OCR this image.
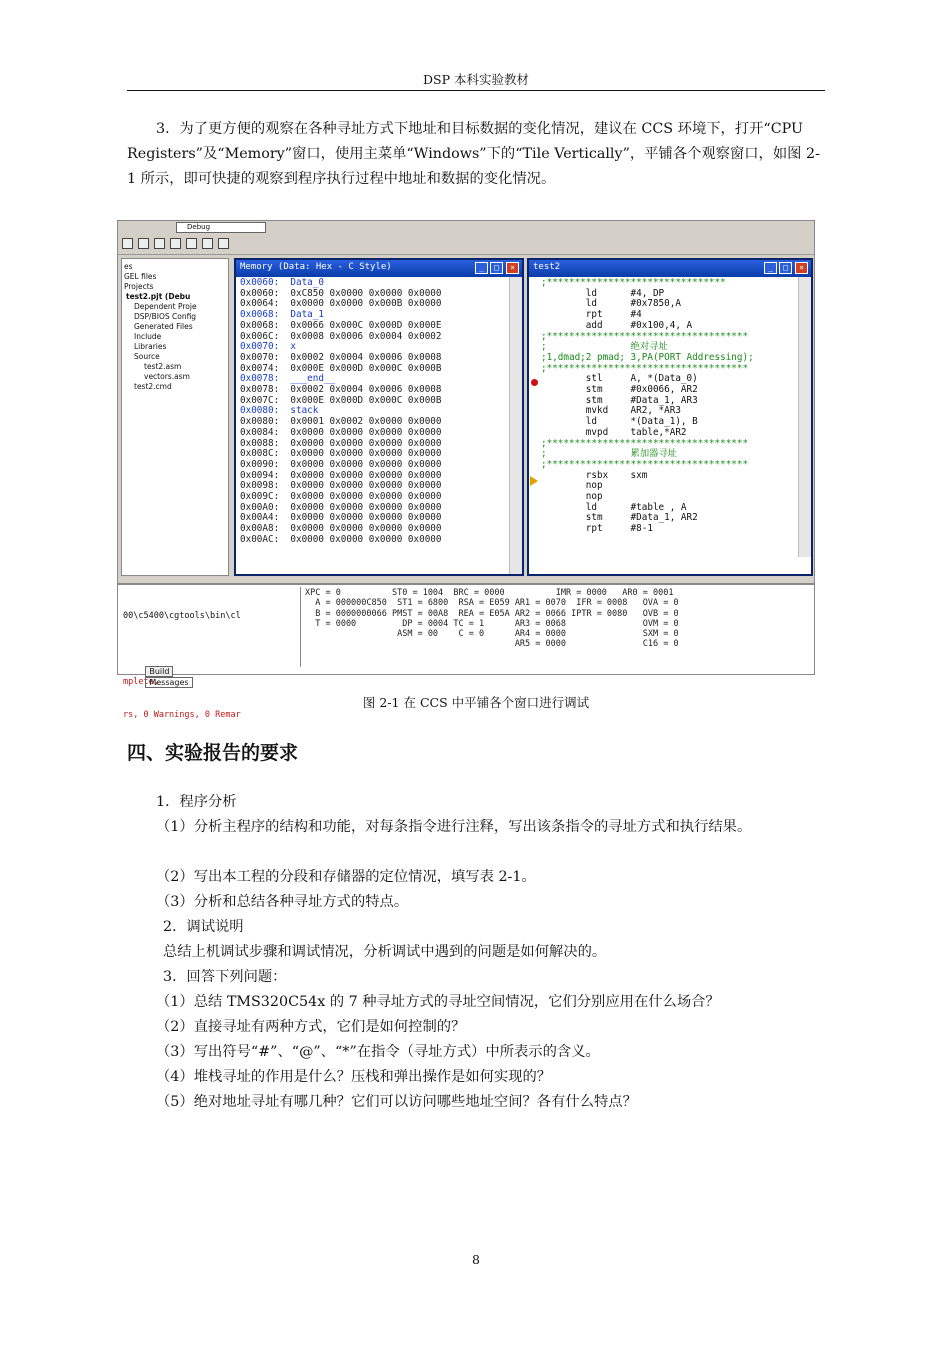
DSP 本科实验教材
3．为了更方便的观察在各种寻址方式下地址和目标数据的变化情况，建议在 CCS 环境下，打开“CPU Registers”及“Memory”窗口，使用主菜单“Windows”下的“Tile Vertically”，平铺各个观察窗口，如图 2-1 所示，即可快捷的观察到程序执行过程中地址和数据的变化情况。
Debug
es
GEL files
Projects
test2.pjt (Debu
Dependent Proje
DSP/BIOS Config
Generated Files
Include
Libraries
Source
test2.asm
vectors.asm
test2.cmd
Memory (Data: Hex - C Style)	_	□	×
0x0060:  Data_0
0x0060:  0xC850 0x0000 0x0000 0x0000
0x0064:  0x0000 0x0000 0x000B 0x0000
0x0068:  Data_1
0x0068:  0x0066 0x000C 0x000D 0x000E
0x006C:  0x0008 0x0006 0x0004 0x0002
0x0070:  x
0x0070:  0x0002 0x0004 0x0006 0x0008
0x0074:  0x000E 0x000D 0x000C 0x000B
0x0078:  ___end__
0x0078:  0x0002 0x0004 0x0006 0x0008
0x007C:  0x000E 0x000D 0x000C 0x000B
0x0080:  stack
0x0080:  0x0001 0x0002 0x0000 0x0000
0x0084:  0x0000 0x0000 0x0000 0x0000
0x0088:  0x0000 0x0000 0x0000 0x0000
0x008C:  0x0000 0x0000 0x0000 0x0000
0x0090:  0x0000 0x0000 0x0000 0x0000
0x0094:  0x0000 0x0000 0x0000 0x0000
0x0098:  0x0000 0x0000 0x0000 0x0000
0x009C:  0x0000 0x0000 0x0000 0x0000
0x00A0:  0x0000 0x0000 0x0000 0x0000
0x00A4:  0x0000 0x0000 0x0000 0x0000
0x00A8:  0x0000 0x0000 0x0000 0x0000
0x00AC:  0x0000 0x0000 0x0000 0x0000
test2	_	□	×
;********************************
ld      #4, DP
ld      #0x7850,A
rpt     #4
add     #0x100,4, A
;************************************
;               绝对寻址
;1,dmad;2 pmad; 3,PA(PORT Addressing);
;************************************
stl     A, *(Data_0)
stm     #0x0066, AR2
stm     #Data_1, AR3
mvkd    AR2, *AR3
ld      *(Data_1), B
mvpd    table,*AR2
;************************************
;               累加器寻址
;************************************
rsbx    sxm
nop
nop
ld      #table , A
stm     #Data_1, AR2
rpt     #8-1

00\c5400\cgtools\bin\cl

mplete,

rs, 0 Warnings, 0 Remar

Build
Messages

XPC = 0          ST0 = 1004  BRC = 0000          IMR = 0000   AR0 = 0001
A = 000000C850  ST1 = 6800  RSA = E059 AR1 = 0070  IFR = 0008   OVA = 0
B = 0000000066 PMST = 00A8  REA = E05A AR2 = 0066 IPTR = 0080   OVB = 0
T = 0000         DP = 0004 TC = 1      AR3 = 0068               OVM = 0
ASM = 00    C = 0      AR4 = 0000               SXM = 0
AR5 = 0000               C16 = 0
图 2-1 在 CCS 中平铺各个窗口进行调试
四、实验报告的要求
1．程序分析
（1）分析主程序的结构和功能，对每条指令进行注释，写出该条指令的寻址方式和执行结果。
（2）写出本工程的分段和存储器的定位情况，填写表 2-1。
（3）分析和总结各种寻址方式的特点。
2．调试说明
总结上机调试步骤和调试情况，分析调试中遇到的问题是如何解决的。
3．回答下列问题：
（1）总结 TMS320C54x 的 7 种寻址方式的寻址空间情况，它们分别应用在什么场合？
（2）直接寻址有两种方式，它们是如何控制的？
（3）写出符号“#”、“@”、“*”在指令（寻址方式）中所表示的含义。
（4）堆栈寻址的作用是什么？压栈和弹出操作是如何实现的？
（5）绝对地址寻址有哪几种？它们可以访问哪些地址空间？各有什么特点？
8
